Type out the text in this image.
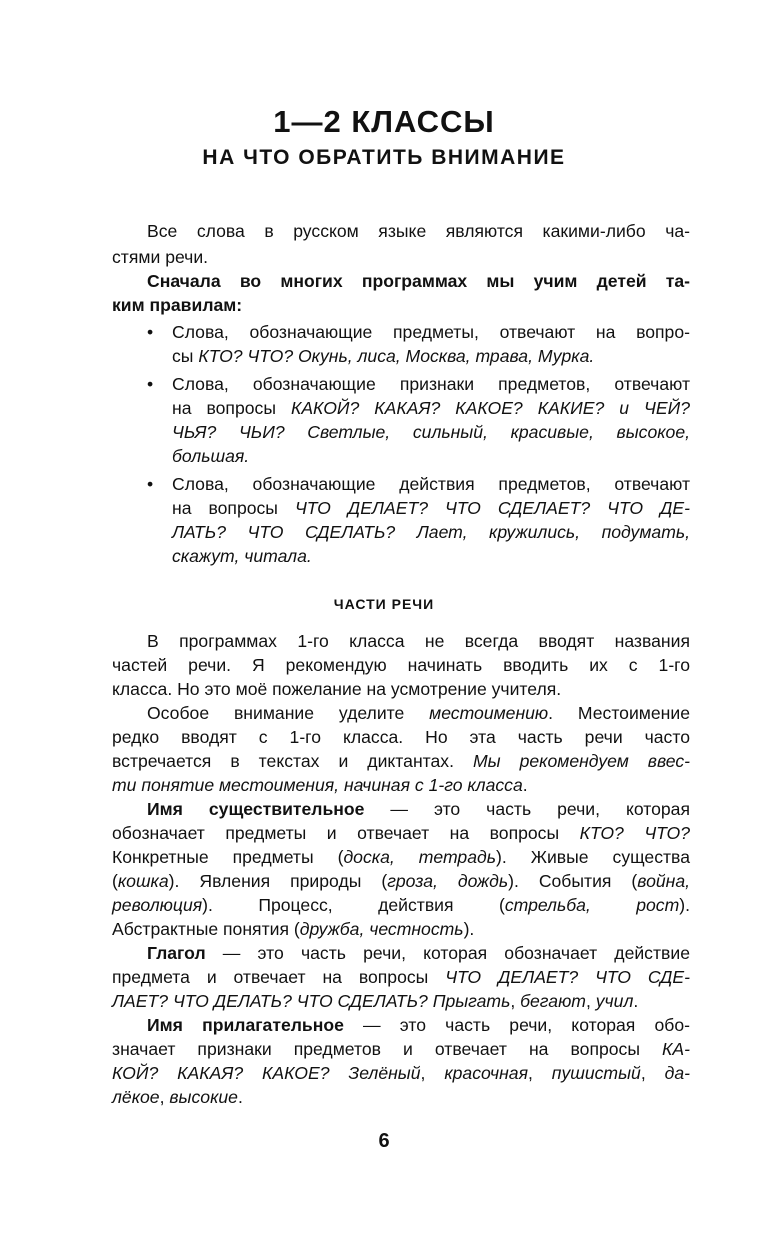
1—2 КЛАССЫ
НА ЧТО ОБРАТИТЬ ВНИМАНИЕ
Все слова в русском языке являются какими-либо ча-
стями речи.
Сначала во многих программах мы учим детей та-
ким правилам:
•	Слова, обозначающие предметы, отвечают на вопро-
сы КТО? ЧТО? Окунь, лиса, Москва, трава, Мурка.
•	Слова, обозначающие признаки предметов, отвечают
на вопросы КАКОЙ? КАКАЯ? КАКОЕ? КАКИЕ? и ЧЕЙ?
ЧЬЯ? ЧЬИ? Светлые, сильный, красивые, высокое,
большая.
•	Слова, обозначающие действия предметов, отвечают
на вопросы ЧТО ДЕЛАЕТ? ЧТО СДЕЛАЕТ? ЧТО ДЕ-
ЛАТЬ? ЧТО СДЕЛАТЬ? Лает, кружились, подумать,
скажут, читала.
ЧАСТИ РЕЧИ
В программах 1-го класса не всегда вводят названия
частей речи. Я рекомендую начинать вводить их с 1-го
класса. Но это моё пожелание на усмотрение учителя.
Особое внимание уделите местоимению. Местоимение
редко вводят с 1-го класса. Но эта часть речи часто
встречается в текстах и диктантах. Мы рекомендуем ввес-
ти понятие местоимения, начиная с 1-го класса.
Имя существительное — это часть речи, которая
обозначает предметы и отвечает на вопросы КТО? ЧТО?
Конкретные предметы (доска, тетрадь). Живые существа
(кошка). Явления природы (гроза, дождь). События (война,
революция). Процесс, действия (стрельба, рост).
Абстрактные понятия (дружба, честность).
Глагол — это часть речи, которая обозначает действие
предмета и отвечает на вопросы ЧТО ДЕЛАЕТ? ЧТО СДЕ-
ЛАЕТ? ЧТО ДЕЛАТЬ? ЧТО СДЕЛАТЬ? Прыгать, бегают, учил.
Имя прилагательное — это часть речи, которая обо-
значает признаки предметов и отвечает на вопросы КА-
КОЙ? КАКАЯ? КАКОЕ? Зелёный, красочная, пушистый, да-
лёкое, высокие.
6
